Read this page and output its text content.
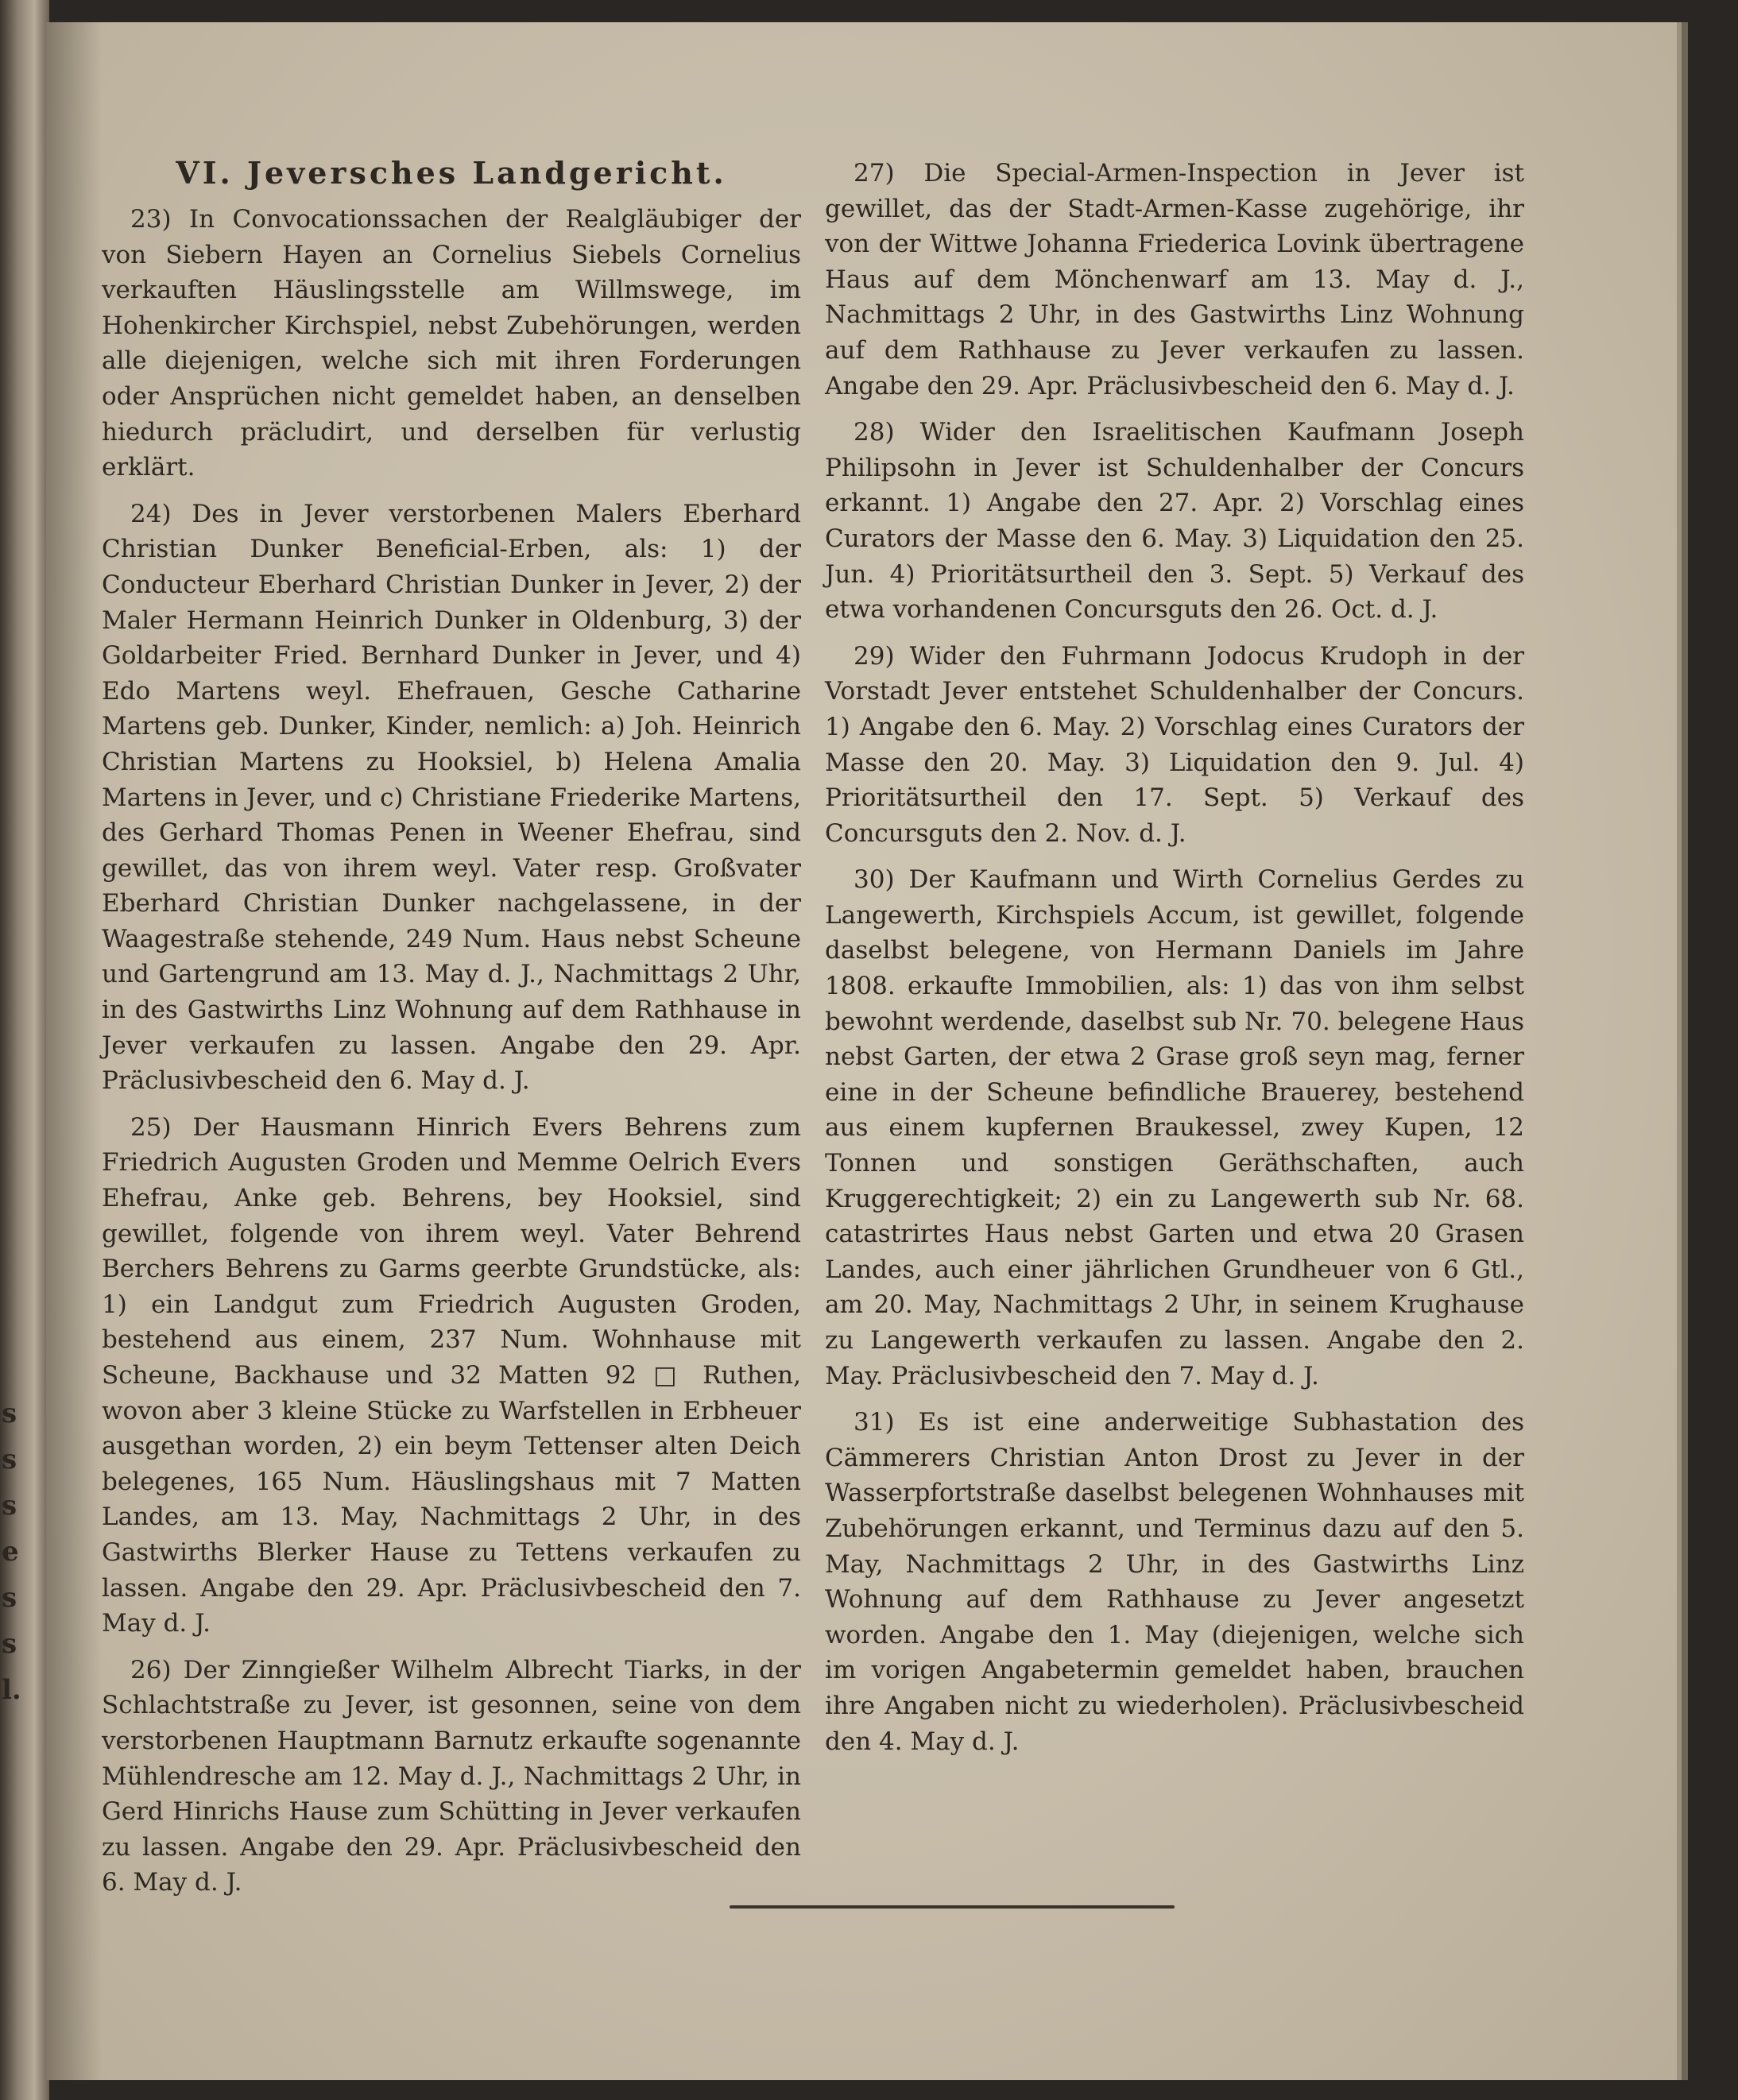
s
s
s
e
s
s
l.
VI. Jeversches Landgericht.

23) In Convocationssachen der Realgläubiger der von Siebern Hayen an Cornelius Siebels Cornelius verkauften Häuslingsstelle am Willmswege, im Hohenkircher Kirchspiel, nebst Zubehörungen, werden alle diejenigen, welche sich mit ihren Forderungen oder Ansprüchen nicht gemeldet haben, an denselben hiedurch präcludirt, und derselben für verlustig erklärt.

24) Des in Jever verstorbenen Malers Eberhard Christian Dunker Beneficial-Erben, als: 1) der Conducteur Eberhard Christian Dunker in Jever, 2) der Maler Hermann Heinrich Dunker in Oldenburg, 3) der Goldarbeiter Fried. Bernhard Dunker in Jever, und 4) Edo Martens weyl. Ehefrauen, Gesche Catharine Martens geb. Dunker, Kinder, nemlich: a) Joh. Heinrich Christian Martens zu Hooksiel, b) Helena Amalia Martens in Jever, und c) Christiane Friederike Martens, des Gerhard Thomas Penen in Weener Ehefrau, sind gewillet, das von ihrem weyl. Vater resp. Großvater Eberhard Christian Dunker nachgelassene, in der Waagestraße stehende, 249 Num. Haus nebst Scheune und Gartengrund am 13. May d. J., Nachmittags 2 Uhr, in des Gastwirths Linz Wohnung auf dem Rathhause in Jever verkaufen zu lassen. Angabe den 29. Apr. Präclusivbescheid den 6. May d. J.

25) Der Hausmann Hinrich Evers Behrens zum Friedrich Augusten Groden und Memme Oelrich Evers Ehefrau, Anke geb. Behrens, bey Hooksiel, sind gewillet, folgende von ihrem weyl. Vater Behrend Berchers Behrens zu Garms geerbte Grundstücke, als: 1) ein Landgut zum Friedrich Augusten Groden, bestehend aus einem, 237 Num. Wohnhause mit Scheune, Backhause und 32 Matten 92 □ Ruthen, wovon aber 3 kleine Stücke zu Warfstellen in Erbheuer ausgethan worden, 2) ein beym Tettenser alten Deich belegenes, 165 Num. Häuslingshaus mit 7 Matten Landes, am 13. May, Nachmittags 2 Uhr, in des Gastwirths Blerker Hause zu Tettens verkaufen zu lassen. Angabe den 29. Apr. Präclusivbescheid den 7. May d. J.

26) Der Zinngießer Wilhelm Albrecht Tiarks, in der Schlachtstraße zu Jever, ist gesonnen, seine von dem verstorbenen Hauptmann Barnutz erkaufte sogenannte Mühlendresche am 12. May d. J., Nachmittags 2 Uhr, in Gerd Hinrichs Hause zum Schütting in Jever verkaufen zu lassen. Angabe den 29. Apr. Präclusivbescheid den 6. May d. J.

27) Die Special-Armen-Inspection in Jever ist gewillet, das der Stadt-Armen-Kasse zugehörige, ihr von der Wittwe Johanna Friederica Lovink übertragene Haus auf dem Mönchenwarf am 13. May d. J., Nachmittags 2 Uhr, in des Gastwirths Linz Wohnung auf dem Rathhause zu Jever verkaufen zu lassen. Angabe den 29. Apr. Präclusivbescheid den 6. May d. J.

28) Wider den Israelitischen Kaufmann Joseph Philipsohn in Jever ist Schuldenhalber der Concurs erkannt. 1) Angabe den 27. Apr. 2) Vorschlag eines Curators der Masse den 6. May. 3) Liquidation den 25. Jun. 4) Prioritätsurtheil den 3. Sept. 5) Verkauf des etwa vorhandenen Concursguts den 26. Oct. d. J.

29) Wider den Fuhrmann Jodocus Krudoph in der Vorstadt Jever entstehet Schuldenhalber der Concurs. 1) Angabe den 6. May. 2) Vorschlag eines Curators der Masse den 20. May. 3) Liquidation den 9. Jul. 4) Prioritätsurtheil den 17. Sept. 5) Verkauf des Concursguts den 2. Nov. d. J.

30) Der Kaufmann und Wirth Cornelius Gerdes zu Langewerth, Kirchspiels Accum, ist gewillet, folgende daselbst belegene, von Hermann Daniels im Jahre 1808. erkaufte Immobilien, als: 1) das von ihm selbst bewohnt werdende, daselbst sub Nr. 70. belegene Haus nebst Garten, der etwa 2 Grase groß seyn mag, ferner eine in der Scheune befindliche Brauerey, bestehend aus einem kupfernen Braukessel, zwey Kupen, 12 Tonnen und sonstigen Geräthschaften, auch Kruggerechtigkeit; 2) ein zu Langewerth sub Nr. 68. catastrirtes Haus nebst Garten und etwa 20 Grasen Landes, auch einer jährlichen Grundheuer von 6 Gtl., am 20. May, Nachmittags 2 Uhr, in seinem Krughause zu Langewerth verkaufen zu lassen. Angabe den 2. May. Präclusivbescheid den 7. May d. J.

31) Es ist eine anderweitige Subhastation des Cämmerers Christian Anton Drost zu Jever in der Wasserpfortstraße daselbst belegenen Wohnhauses mit Zubehörungen erkannt, und Terminus dazu auf den 5. May, Nachmittags 2 Uhr, in des Gastwirths Linz Wohnung auf dem Rathhause zu Jever angesetzt worden. Angabe den 1. May (diejenigen, welche sich im vorigen Angabetermin gemeldet haben, brauchen ihre Angaben nicht zu wiederholen). Präclusivbescheid den 4. May d. J.
